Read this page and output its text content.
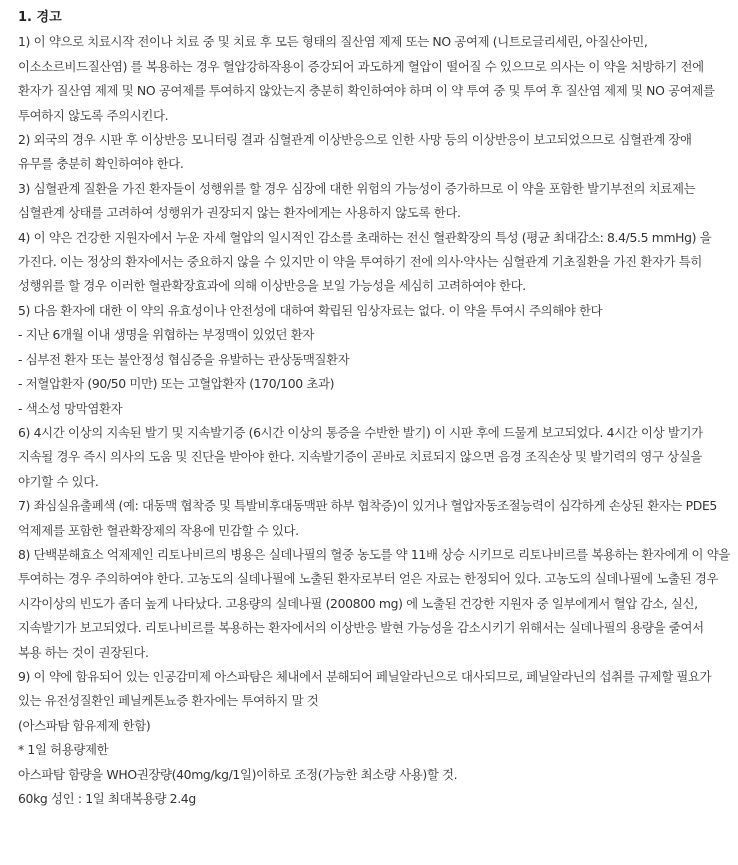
1. 경고

1) 이 약으로 치료시작 전이나 치료 중 및 치료 후 모든 형태의 질산염 제제 또는 NO 공여제 (니트로글리세린, 아질산아민, 이소소르비드질산염) 를 복용하는 경우 혈압강하작용이 증강되어 과도하게 혈압이 떨어질 수 있으므로 의사는 이 약을 처방하기 전에 환자가 질산염 제제 및 NO 공여제를 투여하지 않았는지 충분히 확인하여야 하며 이 약 투여 중 및 투여 후 질산염 제제 및 NO 공여제를 투여하지 않도록 주의시킨다.

2) 외국의 경우 시판 후 이상반응 모니터링 결과 심혈관계 이상반응으로 인한 사망 등의 이상반응이 보고되었으므로 심혈관계 장애 유무를 충분히 확인하여야 한다.

3) 심혈관계 질환을 가진 환자들이 성행위를 할 경우 심장에 대한 위험의 가능성이 증가하므로 이 약을 포함한 발기부전의 치료제는 심혈관계 상태를 고려하여 성행위가 권장되지 않는 환자에게는 사용하지 않도록 한다.

4) 이 약은 건강한 지원자에서 누운 자세 혈압의 일시적인 감소를 초래하는 전신 혈관확장의 특성 (평균 최대감소: 8.4/5.5 mmHg) 을 가진다. 이는 정상의 환자에서는 중요하지 않을 수 있지만 이 약을 투여하기 전에 의사·약사는 심혈관계 기초질환을 가진 환자가 특히 성행위를 할 경우 이러한 혈관확장효과에 의해 이상반응을 보일 가능성을 세심히 고려하여야 한다.

5) 다음 환자에 대한 이 약의 유효성이나 안전성에 대하여 확립된 임상자료는 없다. 이 약을 투여시 주의해야 한다

- 지난 6개월 이내 생명을 위협하는 부정맥이 있었던 환자

- 심부전 환자 또는 불안정성 협심증을 유발하는 관상동맥질환자

- 저혈압환자 (90/50 미만) 또는 고혈압환자 (170/100 초과)

- 색소성 망막염환자

6) 4시간 이상의 지속된 발기 및 지속발기증 (6시간 이상의 통증을 수반한 발기) 이 시판 후에 드물게 보고되었다. 4시간 이상 발기가 지속될 경우 즉시 의사의 도움 및 진단을 받아야 한다. 지속발기증이 곧바로 치료되지 않으면 음경 조직손상 및 발기력의 영구 상실을 야기할 수 있다.

7) 좌심실유출폐색 (예: 대동맥 협착증 및 특발비후대동맥판 하부 협착증)이 있거나 혈압자동조절능력이 심각하게 손상된 환자는 PDE5 억제제를 포함한 혈관확장제의 작용에 민감할 수 있다.

8) 단백분해효소 억제제인 리토나비르의 병용은 실데나필의 혈중 농도를 약 11배 상승 시키므로 리토나비르를 복용하는 환자에게 이 약을 투여하는 경우 주의하여야 한다. 고농도의 실데나필에 노출된 환자로부터 얻은 자료는 한정되어 있다. 고농도의 실데나필에 노출된 경우 시각이상의 빈도가 좀더 높게 나타났다. 고용량의 실데나필 (200800 mg) 에 노출된 건강한 지원자 중 일부에게서 혈압 감소, 실신, 지속발기가 보고되었다. 리토나비르를 복용하는 환자에서의 이상반응 발현 가능성을 감소시키기 위해서는 실데나필의 용량을 줄여서 복용 하는 것이 권장된다.

9) 이 약에 함유되어 있는 인공감미제 아스파탐은 체내에서 분해되어 페닐알라닌으로 대사되므로, 페닐알라닌의 섭취를 규제할 필요가 있는 유전성질환인 페닐케톤뇨증 환자에는 투여하지 말 것

(아스파탐 함유제제 한함)

* 1일 허용량제한

아스파탐 함량을 WHO권장량(40mg/kg/1일)이하로 조정(가능한 최소량 사용)할 것.

60kg 성인 : 1일 최대복용량 2.4g
